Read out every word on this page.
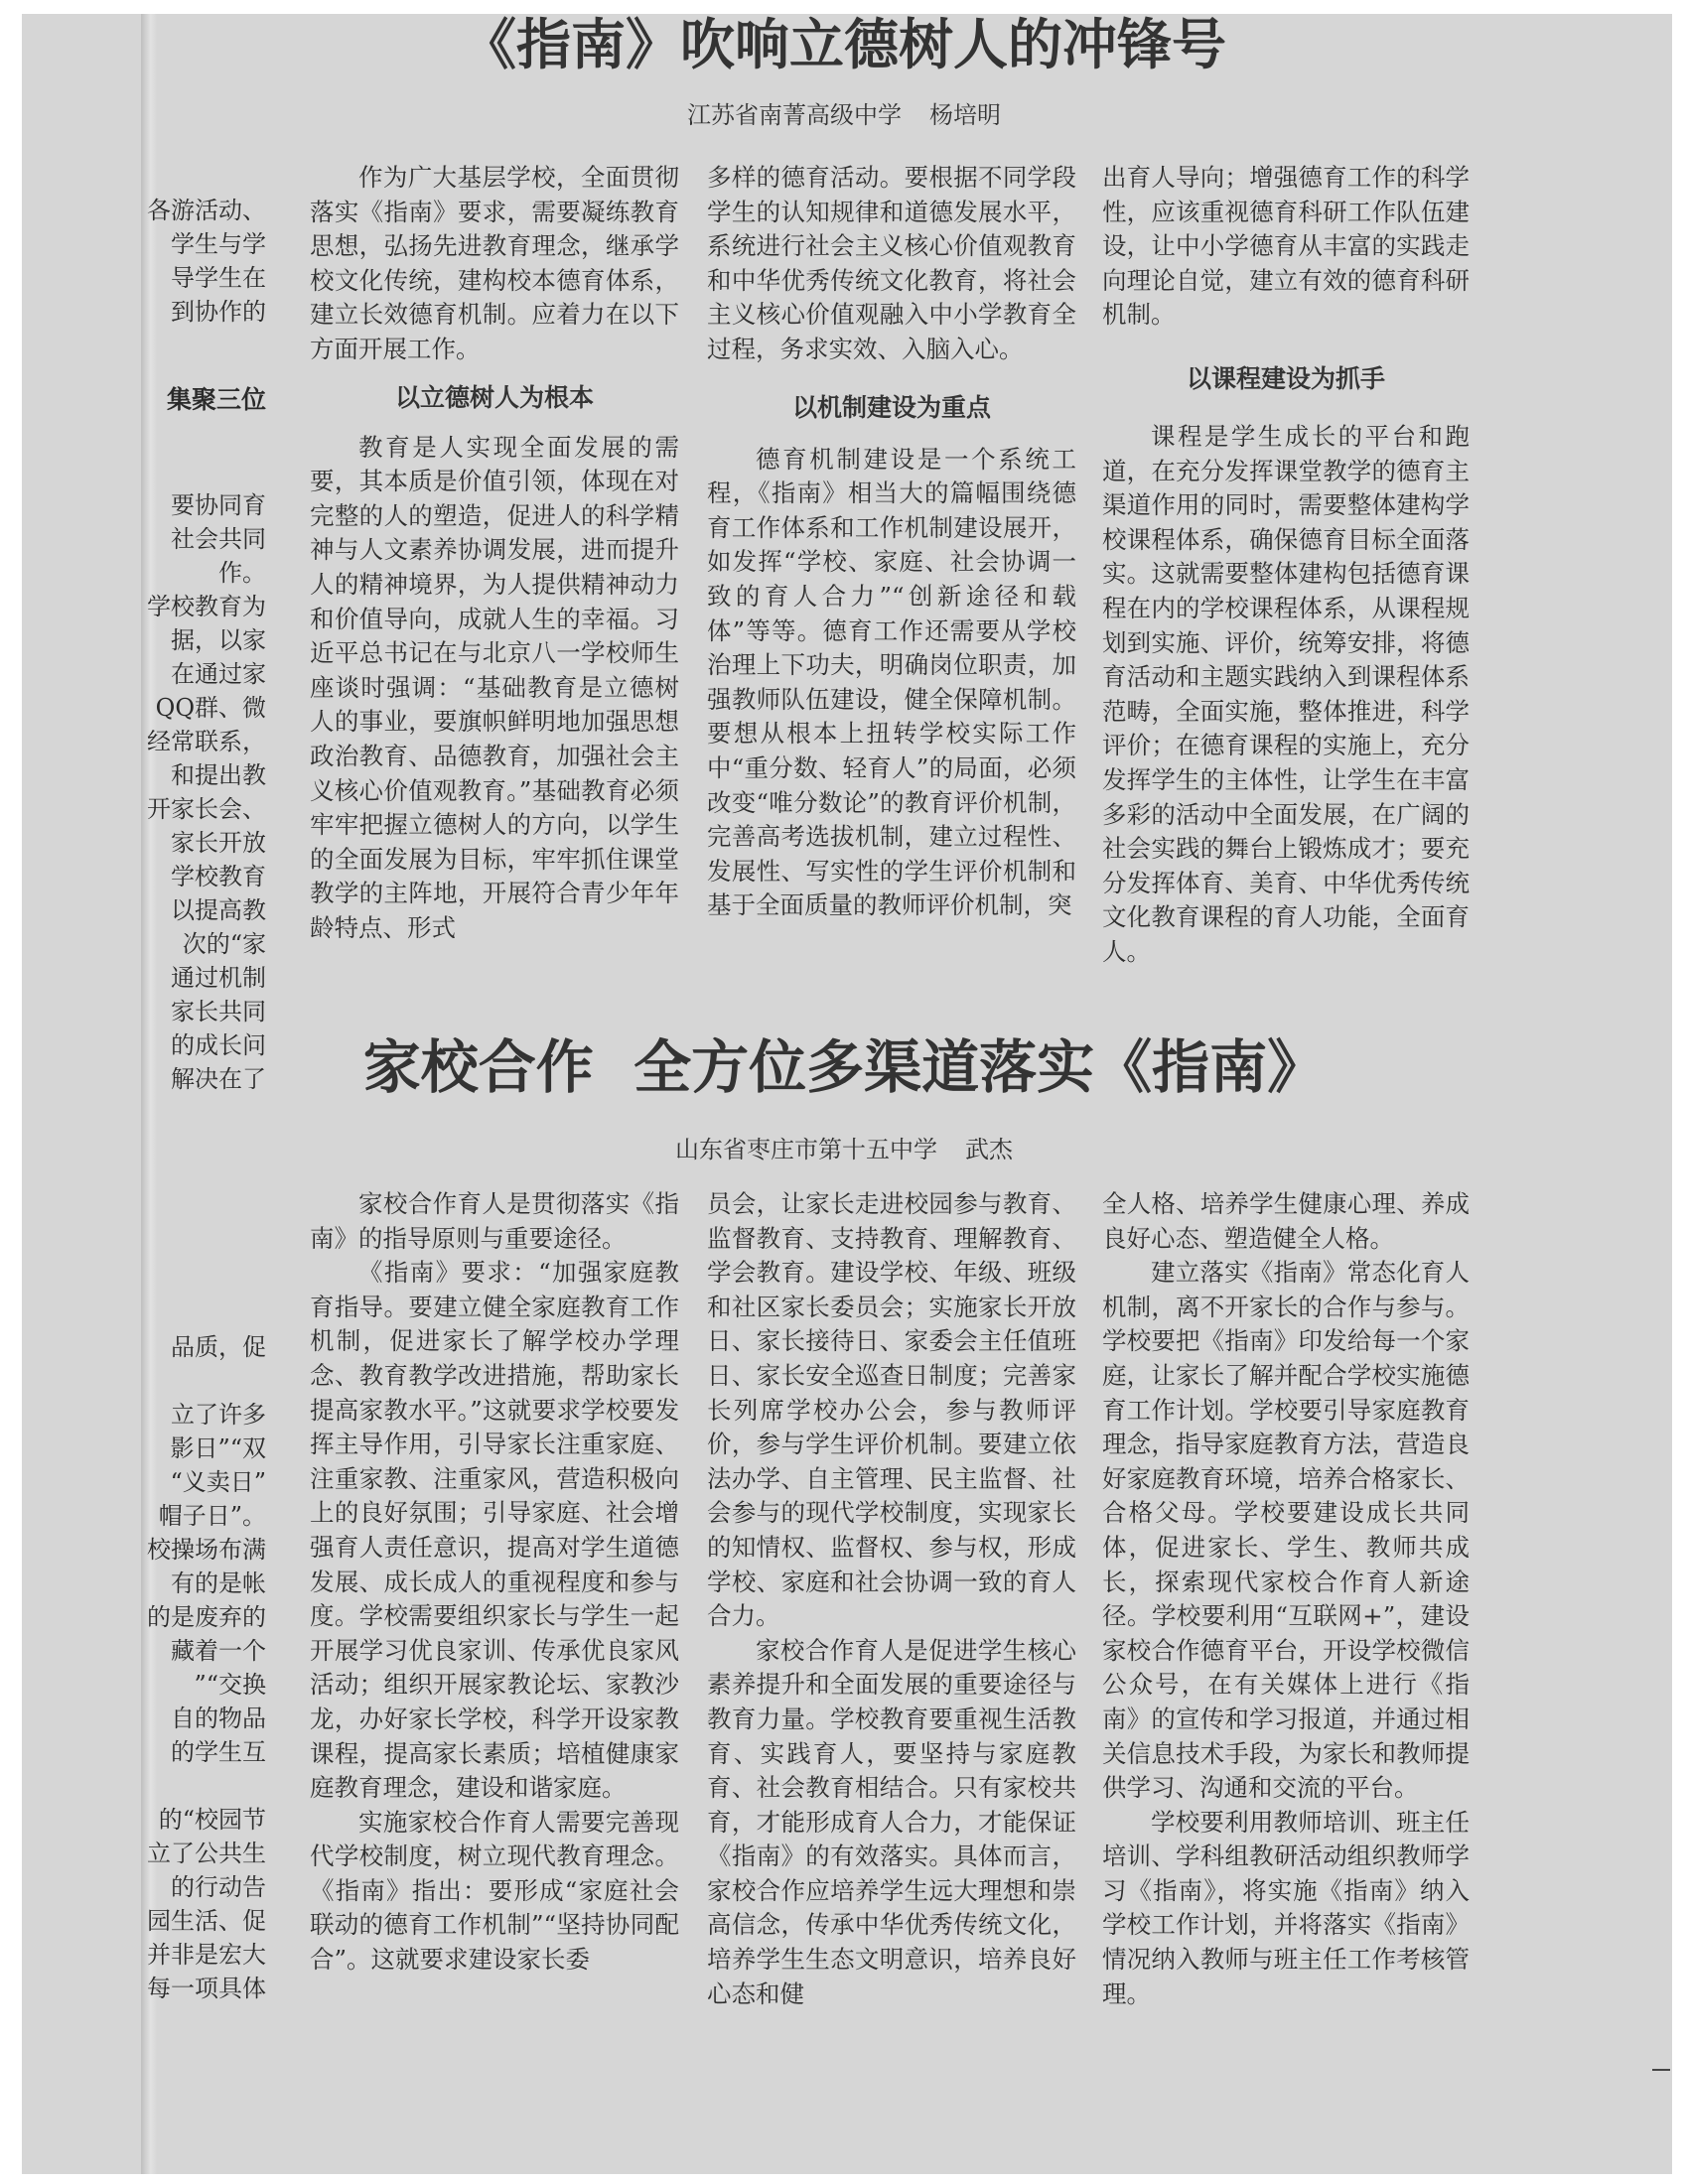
各游活动、
学生与学
导学生在
到协作的
集聚三位
要协同育
社会共同
作。
学校教育为
据，以家
在通过家
QQ群、微
经常联系，
和提出教
开家长会、
家长开放
学校教育
以提高教
次的“家
通过机制
家长共同
的成长问
解决在了
品质，促
立了许多
影日”“双
“义卖日”
帽子日”。
校操场布满
有的是帐
的是废弃的
藏着一个
”“交换
自的物品
的学生互
的“校园节
立了公共生
的行动告
园生活、促
并非是宏大
每一项具体
《指南》吹响立德树人的冲锋号
江苏省南菁高级中学 杨培明

作为广大基层学校，全面贯彻落实《指南》要求，需要凝练教育思想，弘扬先进教育理念，继承学校文化传统，建构校本德育体系，建立长效德育机制。应着力在以下方面开展工作。

以立德树人为根本

教育是人实现全面发展的需要，其本质是价值引领，体现在对完整的人的塑造，促进人的科学精神与人文素养协调发展，进而提升人的精神境界，为人提供精神动力和价值导向，成就人生的幸福。习近平总书记在与北京八一学校师生座谈时强调：“基础教育是立德树人的事业，要旗帜鲜明地加强思想政治教育、品德教育，加强社会主义核心价值观教育。”基础教育必须牢牢把握立德树人的方向，以学生的全面发展为目标，牢牢抓住课堂教学的主阵地，开展符合青少年年龄特点、形式

多样的德育活动。要根据不同学段学生的认知规律和道德发展水平，系统进行社会主义核心价值观教育和中华优秀传统文化教育，将社会主义核心价值观融入中小学教育全过程，务求实效、入脑入心。

以机制建设为重点

德育机制建设是一个系统工程，《指南》相当大的篇幅围绕德育工作体系和工作机制建设展开，如发挥“学校、家庭、社会协调一致的育人合力”“创新途径和载体”等等。德育工作还需要从学校治理上下功夫，明确岗位职责，加强教师队伍建设，健全保障机制。要想从根本上扭转学校实际工作中“重分数、轻育人”的局面，必须改变“唯分数论”的教育评价机制，完善高考选拔机制，建立过程性、发展性、写实性的学生评价机制和基于全面质量的教师评价机制，突

出育人导向；增强德育工作的科学性，应该重视德育科研工作队伍建设，让中小学德育从丰富的实践走向理论自觉，建立有效的德育科研机制。

以课程建设为抓手

课程是学生成长的平台和跑道，在充分发挥课堂教学的德育主渠道作用的同时，需要整体建构学校课程体系，确保德育目标全面落实。这就需要整体建构包括德育课程在内的学校课程体系，从课程规划到实施、评价，统筹安排，将德育活动和主题实践纳入到课程体系范畴，全面实施，整体推进，科学评价；在德育课程的实施上，充分发挥学生的主体性，让学生在丰富多彩的活动中全面发展，在广阔的社会实践的舞台上锻炼成才；要充分发挥体育、美育、中华优秀传统文化教育课程的育人功能，全面育人。

家校合作  全方位多渠道落实《指南》
山东省枣庄市第十五中学 武杰

家校合作育人是贯彻落实《指南》的指导原则与重要途径。

《指南》要求：“加强家庭教育指导。要建立健全家庭教育工作机制，促进家长了解学校办学理念、教育教学改进措施，帮助家长提高家教水平。”这就要求学校要发挥主导作用，引导家长注重家庭、注重家教、注重家风，营造积极向上的良好氛围；引导家庭、社会增强育人责任意识，提高对学生道德发展、成长成人的重视程度和参与度。学校需要组织家长与学生一起开展学习优良家训、传承优良家风活动；组织开展家教论坛、家教沙龙，办好家长学校，科学开设家教课程，提高家长素质；培植健康家庭教育理念，建设和谐家庭。

实施家校合作育人需要完善现代学校制度，树立现代教育理念。《指南》指出：要形成“家庭社会联动的德育工作机制”“坚持协同配合”。这就要求建设家长委

员会，让家长走进校园参与教育、监督教育、支持教育、理解教育、学会教育。建设学校、年级、班级和社区家长委员会；实施家长开放日、家长接待日、家委会主任值班日、家长安全巡查日制度；完善家长列席学校办公会，参与教师评价，参与学生评价机制。要建立依法办学、自主管理、民主监督、社会参与的现代学校制度，实现家长的知情权、监督权、参与权，形成学校、家庭和社会协调一致的育人合力。

家校合作育人是促进学生核心素养提升和全面发展的重要途径与教育力量。学校教育要重视生活教育、实践育人，要坚持与家庭教育、社会教育相结合。只有家校共育，才能形成育人合力，才能保证《指南》的有效落实。具体而言，家校合作应培养学生远大理想和崇高信念，传承中华优秀传统文化，培养学生生态文明意识，培养良好心态和健

全人格、培养学生健康心理、养成良好心态、塑造健全人格。

建立落实《指南》常态化育人机制，离不开家长的合作与参与。学校要把《指南》印发给每一个家庭，让家长了解并配合学校实施德育工作计划。学校要引导家庭教育理念，指导家庭教育方法，营造良好家庭教育环境，培养合格家长、合格父母。学校要建设成长共同体，促进家长、学生、教师共成长，探索现代家校合作育人新途径。学校要利用“互联网+”，建设家校合作德育平台，开设学校微信公众号，在有关媒体上进行《指南》的宣传和学习报道，并通过相关信息技术手段，为家长和教师提供学习、沟通和交流的平台。

学校要利用教师培训、班主任培训、学科组教研活动组织教师学习《指南》，将实施《指南》纳入学校工作计划，并将落实《指南》情况纳入教师与班主任工作考核管理。
